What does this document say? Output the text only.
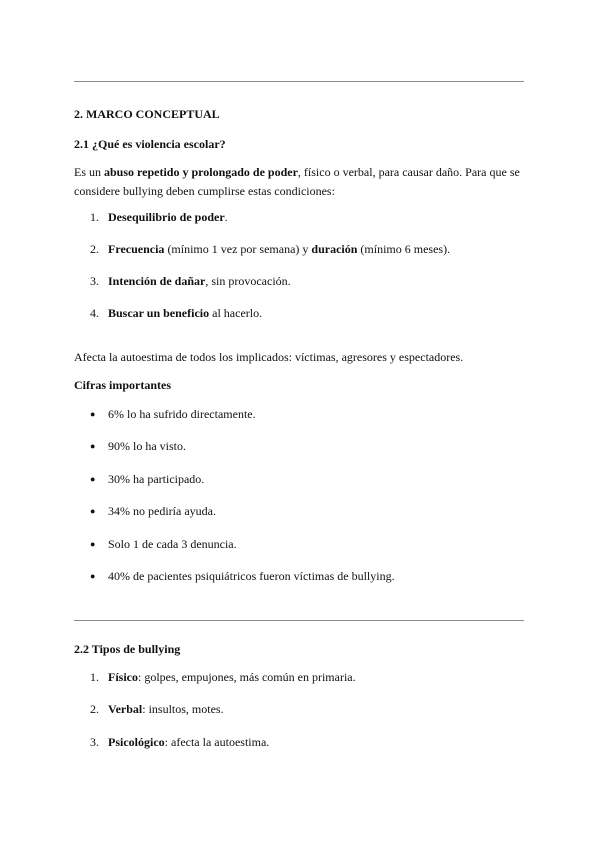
2. MARCO CONCEPTUAL
2.1 ¿Qué es violencia escolar?
Es un abuso repetido y prolongado de poder, físico o verbal, para causar daño. Para que se considere bullying deben cumplirse estas condiciones:
1. Desequilibrio de poder.
2. Frecuencia (mínimo 1 vez por semana) y duración (mínimo 6 meses).
3. Intención de dañar, sin provocación.
4. Buscar un beneficio al hacerlo.
Afecta la autoestima de todos los implicados: víctimas, agresores y espectadores.
Cifras importantes
● 6% lo ha sufrido directamente.
● 90% lo ha visto.
● 30% ha participado.
● 34% no pediría ayuda.
● Solo 1 de cada 3 denuncia.
● 40% de pacientes psiquiátricos fueron víctimas de bullying.
2.2 Tipos de bullying
1. Físico: golpes, empujones, más común en primaria.
2. Verbal: insultos, motes.
3. Psicológico: afecta la autoestima.
